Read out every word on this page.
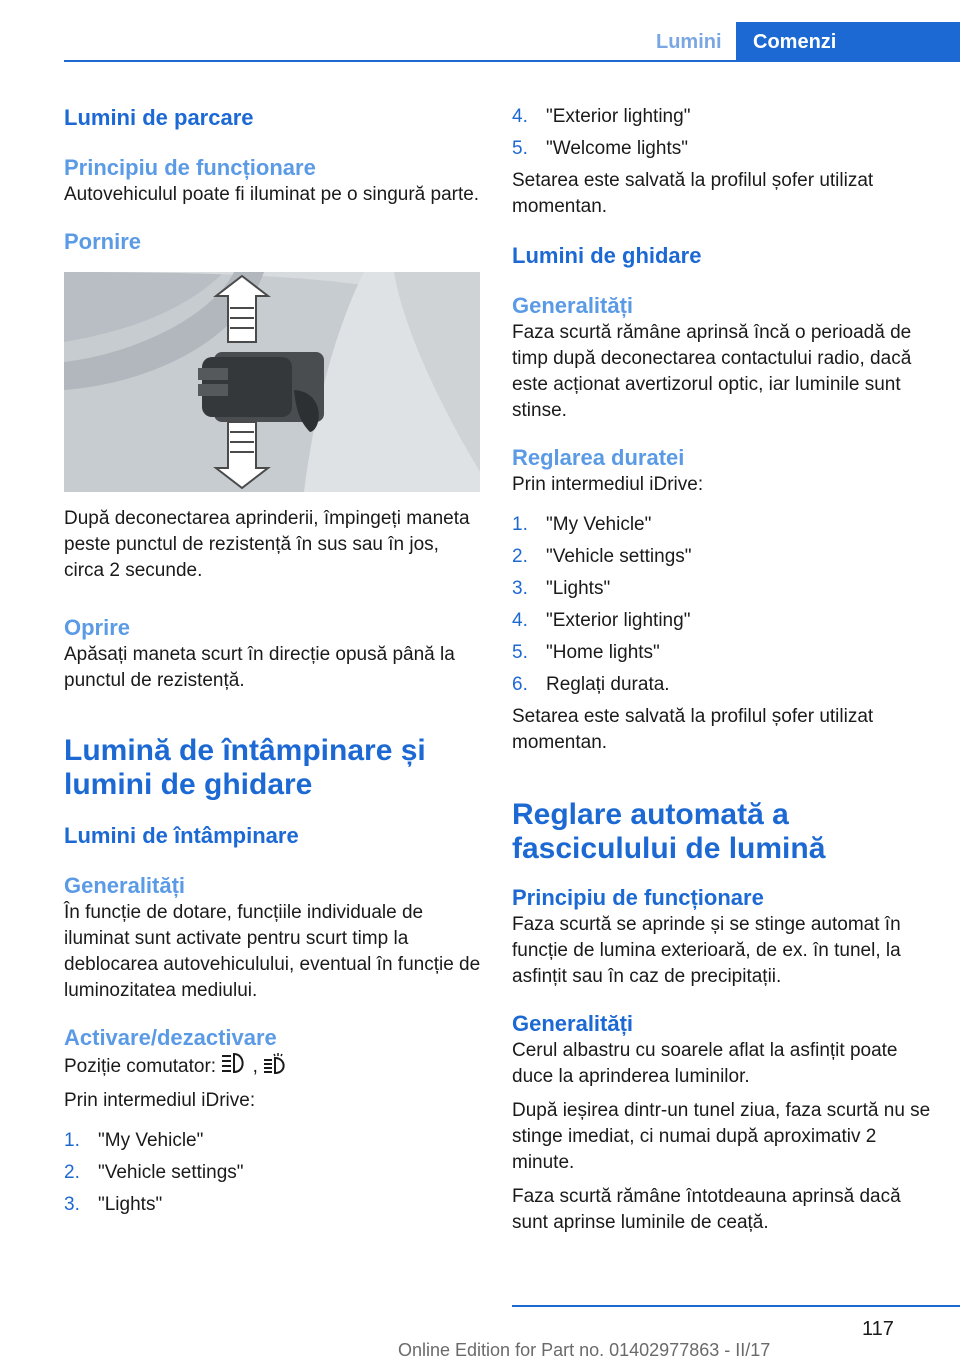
Lumini Comenzi
Lumini de parcare
Principiu de funcționare

Autovehiculul poate fi iluminat pe o singură parte.

Pornire

După deconectarea aprinderii, împingeți maneta peste punctul de rezistență în sus sau în jos, circa 2 secunde.

Oprire

Apăsați maneta scurt în direcție opusă până la punctul de rezistență.

Lumină de întâmpinare și lumini de ghidare
Lumini de întâmpinare
Generalități

În funcție de dotare, funcțiile individuale de iluminat sunt activate pentru scurt timp la deblocarea autovehiculului, eventual în funcție de luminozitatea mediului.

Activare/dezactivare

Poziție comutator: ,

Prin intermediul iDrive:

1. "My Vehicle"
2. "Vehicle settings"
3. "Lights"
4. "Exterior lighting"
5. "Welcome lights"

Setarea este salvată la profilul șofer utilizat momentan.

Lumini de ghidare
Generalități

Faza scurtă rămâne aprinsă încă o perioadă de timp după deconectarea contactului radio, dacă este acționat avertizorul optic, iar luminile sunt stinse.

Reglarea duratei

Prin intermediul iDrive:

1. "My Vehicle"
2. "Vehicle settings"
3. "Lights"
4. "Exterior lighting"
5. "Home lights"
6. Reglați durata.

Setarea este salvată la profilul șofer utilizat momentan.

Reglare automată a fasciculului de lumină
Principiu de funcționare

Faza scurtă se aprinde și se stinge automat în funcție de lumina exterioară, de ex. în tunel, la asfințit sau în caz de precipitații.

Generalități

Cerul albastru cu soarele aflat la asfințit poate duce la aprinderea luminilor.

După ieșirea dintr-un tunel ziua, faza scurtă nu se stinge imediat, ci numai după aproximativ 2 minute.

Faza scurtă rămâne întotdeauna aprinsă dacă sunt aprinse luminile de ceață.

117
Online Edition for Part no. 01402977863 - II/17
